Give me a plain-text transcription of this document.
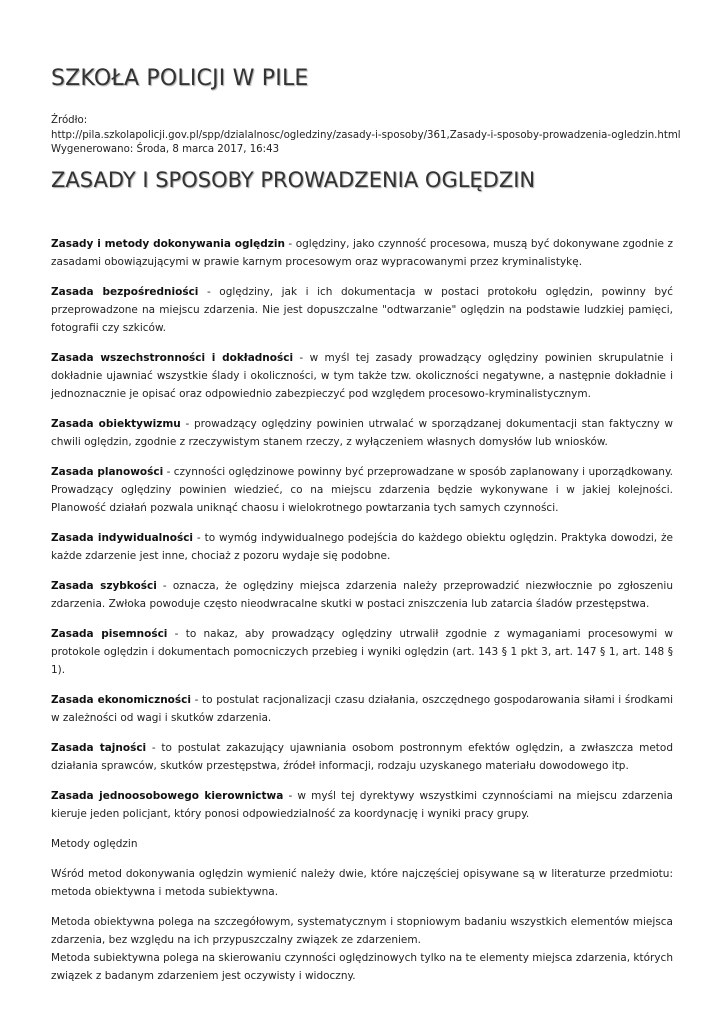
SZKOŁA POLICJI W PILE
Źródło:
http://pila.szkolapolicji.gov.pl/spp/dzialalnosc/ogledziny/zasady-i-sposoby/361,Zasady-i-sposoby-prowadzenia-ogledzin.html
Wygenerowano: Środa, 8 marca 2017, 16:43
ZASADY I SPOSOBY PROWADZENIA OGLĘDZIN

Zasady i metody dokonywania oględzin - oględziny, jako czynność procesowa, muszą być dokonywane zgodnie z zasadami obowiązującymi w prawie karnym procesowym oraz wypracowanymi przez kryminalistykę.

Zasada bezpośredniości - oględziny, jak i ich dokumentacja w postaci protokołu oględzin, powinny być przeprowadzone na miejscu zdarzenia. Nie jest dopuszczalne "odtwarzanie" oględzin na podstawie ludzkiej pamięci, fotografii czy szkiców.

Zasada wszechstronności i dokładności - w myśl tej zasady prowadzący oględziny powinien skrupulatnie i dokładnie ujawniać wszystkie ślady i okoliczności, w tym także tzw. okoliczności negatywne, a następnie dokładnie i jednoznacznie je opisać oraz odpowiednio zabezpieczyć pod względem procesowo-kryminalistycznym.

Zasada obiektywizmu - prowadzący oględziny powinien utrwalać w sporządzanej dokumentacji stan faktyczny w chwili oględzin, zgodnie z rzeczywistym stanem rzeczy, z wyłączeniem własnych domysłów lub wniosków.

Zasada planowości - czynności oględzinowe powinny być przeprowadzane w sposób zaplanowany i uporządkowany. Prowadzący oględziny powinien wiedzieć, co na miejscu zdarzenia będzie wykonywane i w jakiej kolejności. Planowość działań pozwala uniknąć chaosu i wielokrotnego powtarzania tych samych czynności.

Zasada indywidualności - to wymóg indywidualnego podejścia do każdego obiektu oględzin. Praktyka dowodzi, że każde zdarzenie jest inne, chociaż z pozoru wydaje się podobne.

Zasada szybkości - oznacza, że oględziny miejsca zdarzenia należy przeprowadzić niezwłocznie po zgłoszeniu zdarzenia. Zwłoka powoduje często nieodwracalne skutki w postaci zniszczenia lub zatarcia śladów przestępstwa.

Zasada pisemności - to nakaz, aby prowadzący oględziny utrwalił zgodnie z wymaganiami procesowymi w protokole oględzin i dokumentach pomocniczych przebieg i wyniki oględzin (art. 143 § 1 pkt 3, art. 147 § 1, art. 148 § 1).

Zasada ekonomiczności - to postulat racjonalizacji czasu działania, oszczędnego gospodarowania siłami i środkami w zależności od wagi i skutków zdarzenia.

Zasada tajności - to postulat zakazujący ujawniania osobom postronnym efektów oględzin, a zwłaszcza metod działania sprawców, skutków przestępstwa, źródeł informacji, rodzaju uzyskanego materiału dowodowego itp.

Zasada jednoosobowego kierownictwa - w myśl tej dyrektywy wszystkimi czynnościami na miejscu zdarzenia kieruje jeden policjant, który ponosi odpowiedzialność za koordynację i wyniki pracy grupy.

Metody oględzin

Wśród metod dokonywania oględzin wymienić należy dwie, które najczęściej opisywane są w literaturze przedmiotu: metoda obiektywna i metoda subiektywna.

Metoda obiektywna polega na szczegółowym, systematycznym i stopniowym badaniu wszystkich elementów miejsca zdarzenia, bez względu na ich przypuszczalny związek ze zdarzeniem.

Metoda subiektywna polega na skierowaniu czynności oględzinowych tylko na te elementy miejsca zdarzenia, których związek z badanym zdarzeniem jest oczywisty i widoczny.
